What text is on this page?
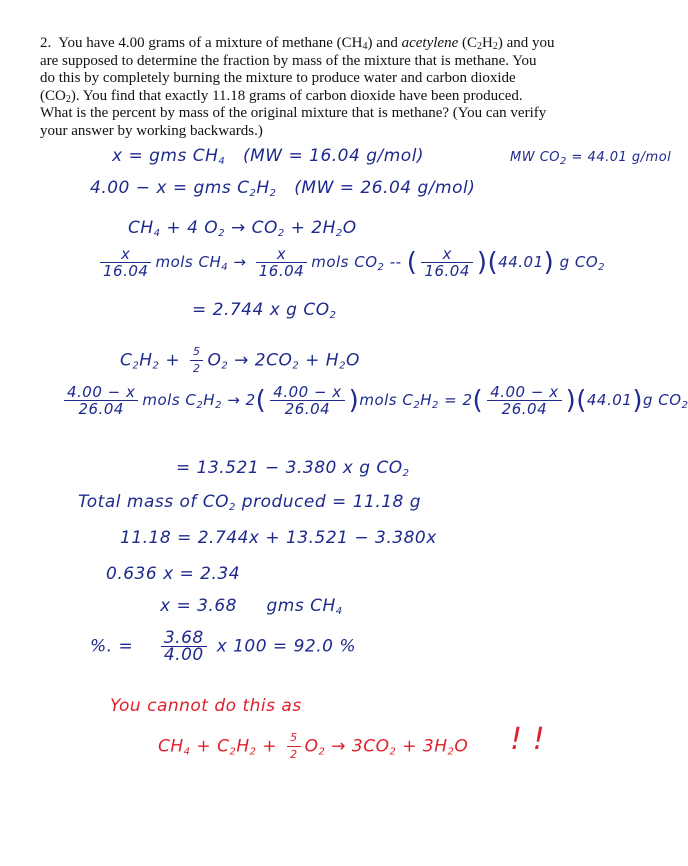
2. You have 4.00 grams of a mixture of methane $(CH_4)$ and acetylene $(C_2H_2)$ and you
are supposed to determine the fraction by mass of the mixture that is methane. You
do this by completely burning the mixture to produce water and carbon dioxide
$(CO_2)$. You find that exactly 11.18 grams of carbon dioxide have been produced.
What is the percent by mass of the original mixture that is methane? (You can verify
your answer by working backwards.)
x = gms $CH_4$ (MW = 16.04 g/mol)	MW $CO_2 = 44.01$ g/mol
4.00 − x = gms $C_2H_2$ (MW = 26.04 g/mol)
$CH_4 + 4$ $O_2 \to CO_2 + 2H_2O$
$\frac{x}{16.04}$ mols $CH_4 \to \frac{x}{16.04}$ mols $CO_2$ -- ( $\frac{x}{16.04} )(44.01)$ g $CO_2$
= 2.744 x g $CO_2$
$C_2H_2 + \frac{5}{2} O_2 \to 2CO_2 + H_2O$
$\frac{4.00 - x}{26.04}$ mols $C_2H_2 \to 2( \frac{4.00 - x}{26.04}$ )mols $C_2H_2 = 2( \frac{4.00 - x}{26.04} )(44.01)g$ $CO_2$
= 13.521 − 3.380 x g $CO_2$
Total mass of $CO_2$ produced = 11.18 g
11.18 = 2.744x + 13.521 − 3.380x
0.636 x = 2.34
x = 3.68 gms $CH_4$
%. = $\frac{3.68}{4.00}$ x 100 = 92.0 %
You cannot do this as
$CH_4 + C_2H_2 + \frac{5}{2} O_2 \to 3CO_2 + 3H_2O$ ! !
